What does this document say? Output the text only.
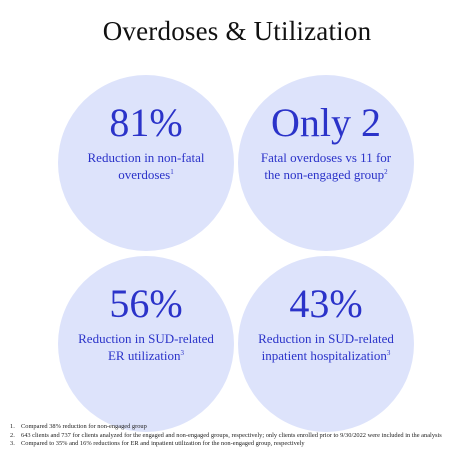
Overdoses & Utilization
81%
Reduction in non-fatal overdoses$^1$
Only 2
Fatal overdoses vs 11 for the non-engaged group$^2$
56%
Reduction in SUD-related ER utilization$^3$
43%
Reduction in SUD-related inpatient hospitalization$^3$
1. Compared 38% reduction for non-engaged group
2. 643 clients and 737 for clients analyzed for the engaged and non-engaged groups, respectively; only clients enrolled prior to 9/30/2022 were included in the analysis
3. Compared to 35% and 16% reductions for ER and inpatient utilization for the non-engaged group, respectively
